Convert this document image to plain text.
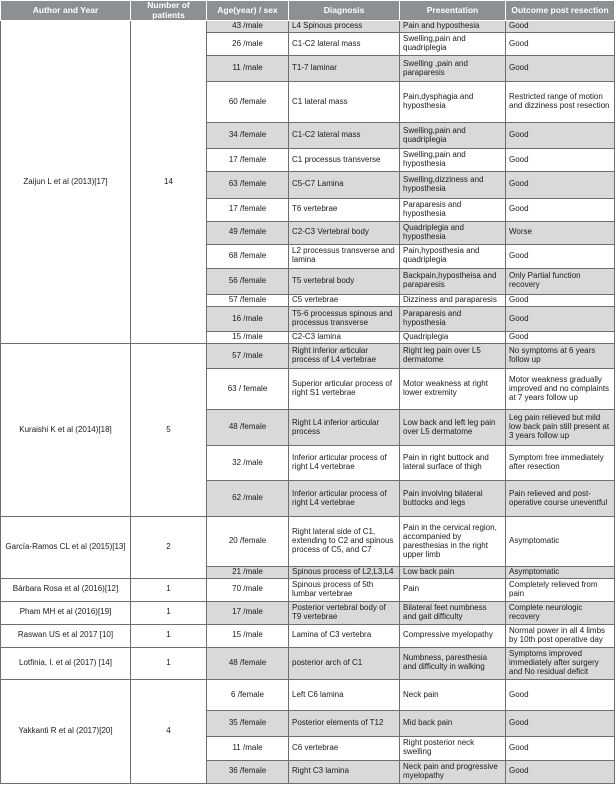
Author and Year	Number of patients	Age(year) / sex	Diagnosis	Presentation	Outcome post resection
Zaijun L et al (2013)[17]	14	43 /male	L4 Spinous process	Pain and hyposthesia	Good
		26 /male	C1-C2 lateral mass	Swelling,pain and quadriplegia	Good
		11 /male	T1-7 laminar	Swelling ,pain and paraparesis	Good
		60 /female	C1 lateral mass	Pain,dysphagia and hyposthesia	Restricted range of motion and dizziness post resection
		34 /female	C1-C2 lateral mass	Swelling,pain and quadriplegia	Good
		17 /female	C1 processus transverse	Swelling,pain and hyposthesia	Good
		63 /female	C5-C7 Lamina	Swelling,dizziness and hyposthesia	Good
		17 /female	T6 vertebrae	Paraparesis and hyposthesia	Good
		49 /female	C2-C3 Vertebral body	Quadriplegia and hyposthesia	Worse
		68 /female	L2 processus transverse and lamina	Pain,hyposthesia and quadriplegia	Good
		56 /female	T5 vertebral body	Backpain,hypostheisa and paraparesis	Only Partial function recovery
		57 /female	C5 vertebrae	Dizziness and paraparesis	Good
		16 /male	T5-6 processus spinous and processus transverse	Paraparesis and hyposthesia	Good
		15 /male	C2-C3 lamina	Quadriplegia	Good
Kuraishi K et al (2014)[18]	5	57 /male	Right inferior articular process of L4 vertebrae	Right leg pain over L5 dermatome	No symptoms at 6 years follow up
		63 / female	Superior articular process of right S1 vertebrae	Motor weakness at right lower extremity	Motor weakness gradually improved and no complaints at 7 years follow up
		48 /female	Right L4 inferior articular process	Low back and left leg pain over L5 dermatome	Leg pain relieved but mild low back pain still present at 3 years follow up
		32 /male	Inferior articular process of right L4 vertebrae	Pain in right buttock and lateral surface of thigh	Symptom free immediately after resection
		62 /male	Inferior articular process of right L4 vertebrae	Pain involving bilateral buttocks and legs	Pain relieved and post-operative course uneventful
García-Ramos CL et al (2015)[13]	2	20 /female	Right lateral side of C1, extending to C2 and spinous process of C5, and C7	Pain in the cervical region, accompanied by paresthesias in the right upper limb	Asymptomatic
		21 /male	Spinous process of L2,L3,L4	Low back pain	Asymptomatic
Bárbara Rosa et al (2016)[12]	1	70 /male	Spinous process of 5th lumbar vertebrae	Pain	Completely relieved from pain
Pham MH et al (2016)[19]	1	17 /male	Posterior vertebral body of T9 vertebrae	Bilateral feet numbness and gait difficulty	Complete neurologic recovery
Raswan US et al 2017 [10]	1	15 /male	Lamina of C3 vertebra	Compressive myelopathy	Normal power in all 4 limbs by 10th post operative day
Lotfinia, I. et al (2017) [14]	1	48 /female	posterior arch of C1	Numbness, paresthesia and difficulty in walking	Symptoms improved immediately after surgery and No residual deficit
Yakkanti R et al (2017)[20]	4	6 /female	Left C6 lamina	Neck pain	Good
		35 /female	Posterior elements of T12	Mid back pain	Good
		11 /male	C6 vertebrae	Right posterior neck swelling	Good
		36 /female	Right C3 lamina	Neck pain and progressive myelopathy	Good
